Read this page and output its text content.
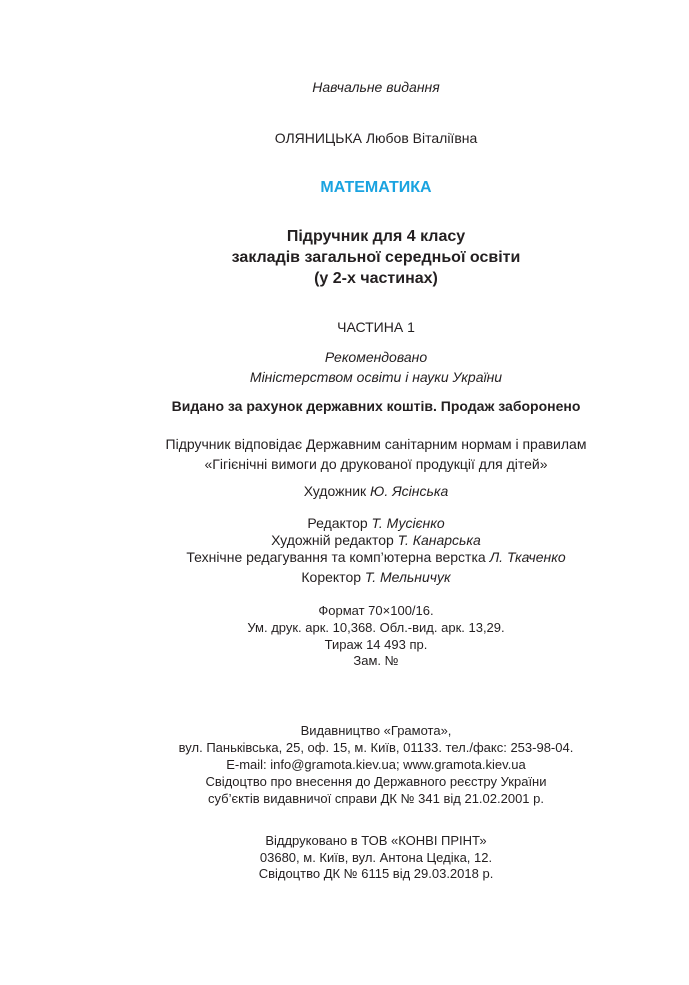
Навчальне видання
ОЛЯНИЦЬКА Любов Віталіївна
МАТЕМАТИКА
Підручник для 4 класу
закладів загальної середньої освіти
(у 2-х частинах)
ЧАСТИНА 1
Рекомендовано
Міністерством освіти і науки України
Видано за рахунок державних коштів. Продаж заборонено
Підручник відповідає Державним санітарним нормам і правилам
«Гігієнічні вимоги до друкованої продукції для дітей»
Художник Ю. Ясінська
Редактор Т. Мусієнко
Художній редактор Т. Канарська
Технічне редагування та комп’ютерна верстка Л. Ткаченко
Коректор Т. Мельничук
Формат 70×100/16.
Ум. друк. арк. 10,368. Обл.-вид. арк. 13,29.
Тираж 14 493 пр.
Зам. №
Видавництво «Грамота»,
вул. Паньківська, 25, оф. 15, м. Київ, 01133. тел./факс: 253-98-04.
E-mail: info@gramota.kiev.ua; www.gramota.kiev.ua
Свідоцтво про внесення до Державного реєстру України
суб’єктів видавничої справи ДК № 341 від 21.02.2001 р.
Віддруковано в ТОВ «КОНВІ ПРІНТ»
03680, м. Київ, вул. Антона Цедіка, 12.
Свідоцтво ДК № 6115 від 29.03.2018 р.
